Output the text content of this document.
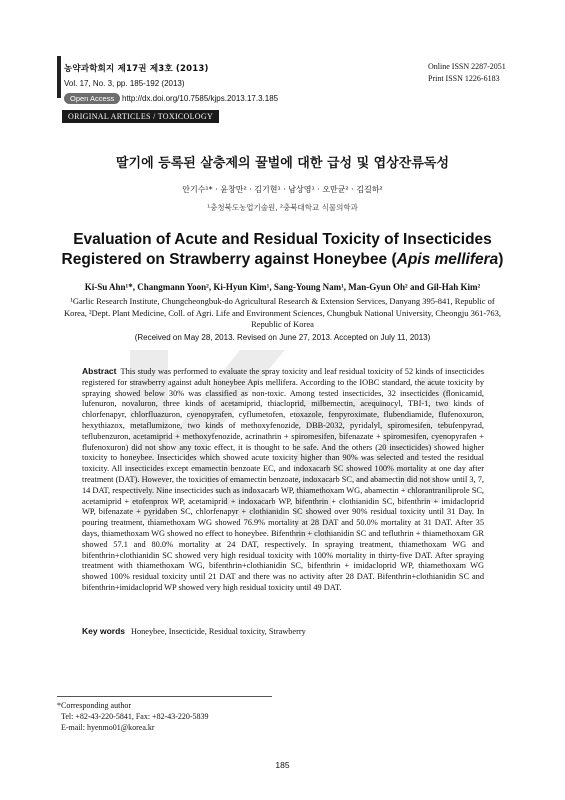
농약과학회지 제17권 제3호 (2013)
Vol. 17, No. 3, pp. 185-192 (2013)
Open Access http://dx.doi.org/10.7585/kjps.2013.17.3.185
Online ISSN 2287-2051
Print ISSN 1226-6183
ORIGINAL ARTICLES / TOXICOLOGY
딸기에 등록된 살충제의 꿀벌에 대한 급성 및 엽상잔류독성
안기수¹* · 윤창만² · 김기현¹ · 남상영¹ · 오만균² · 김길하²
¹충청북도농업기술원, ²충북대학교 식물의학과
Evaluation of Acute and Residual Toxicity of Insecticides Registered on Strawberry against Honeybee (Apis mellifera)
Ki-Su Ahn¹*, Changmann Yoon², Ki-Hyun Kim¹, Sang-Young Nam¹, Man-Gyun Oh² and Gil-Hah Kim²
¹Garlic Research Institute, Chungcheongbuk-do Agricultural Research & Extension Services, Danyang 395-841, Republic of Korea, ²Dept. Plant Medicine, Coll. of Agri. Life and Environment Sciences, Chungbuk National University, Cheongju 361-763, Republic of Korea
(Received on May 28, 2013. Revised on June 27, 2013. Accepted on July 11, 2013)
Abstract This study was performed to evaluate the spray toxicity and leaf residual toxicity of 52 kinds of insecticides registered for strawberry against adult honeybee Apis mellifera. According to the IOBC standard, the acute toxicity by spraying showed below 30% was classified as non-toxic. Among tested insecticides, 32 insecticides (flonicamid, lufenuron, novaluron, three kinds of acetamiprid, thiacloprid, milbemectin, acequinocyl, TBI-1, two kinds of chlorfenapyr, chlorfluazuron, cyenopyrafen, cyflumetofen, etoxazole, fenpyroximate, flubendiamide, flufenoxuron, hexythiazox, metaflumizone, two kinds of methoxyfenozide, DBB-2032, pyridalyl, spiromesifen, tebufenpyrad, teflubenzuron, acetamiprid + methoxyfenozide, acrinathrin + spiromesifen, bifenazate + spiromesifen, cyenopyrafen + flufenoxuron) did not show any toxic effect, it is thought to be safe. And the others (20 insecticides) showed higher toxicity to honeybee. Insecticides which showed acute toxicity higher than 90% was selected and tested the residual toxicity. All insecticides except emamectin benzoate EC, and indoxacarb SC showed 100% mortality at one day after treatment (DAT). However, the toxicities of emamectin benzoate, indoxacarb SC, and abamectin did not show until 3, 7, 14 DAT, respectively. Nine insecticides such as indoxacarb WP, thiamethoxam WG, abamectin + chlorantraniliprole SC, acetamiprid + etofenprox WP, acetamiprid + indoxacarb WP, bifenthrin + clothianidin SC, bifenthrin + imidacloprid WP, bifenazate + pyridaben SC, chlorfenapyr + clothianidin SC showed over 90% residual toxicity until 31 Day. In pouring treatment, thiamethoxam WG showed 76.9% mortality at 28 DAT and 50.0% mortality at 31 DAT. After 35 days, thiamethoxam WG showed no effect to honeybee. Bifenthrin + clothianidin SC and tefluthrin + thiamethoxam GR showed 57.1 and 80.0% mortality at 24 DAT, respectively. In spraying treatment, thiamethoxam WG and bifenthrin+clothianidin SC showed very high residual toxicity with 100% mortality in thirty-five DAT. After spraying treatment with thiamethoxam WG, bifenthrin+clothianidin SC, bifenthrin + imidacloprid WP, thiamethoxam WG showed 100% residual toxicity until 21 DAT and there was no activity after 28 DAT. Bifenthrin+clothianidin SC and bifenthrin+imidacloprid WP showed very high residual toxicity until 49 DAT.
Key words Honeybee, Insecticide, Residual toxicity, Strawberry
*Corresponding author
Tel: +82-43-220-5841, Fax: +82-43-220-5839
E-mail: hyenmo01@korea.kr
185
